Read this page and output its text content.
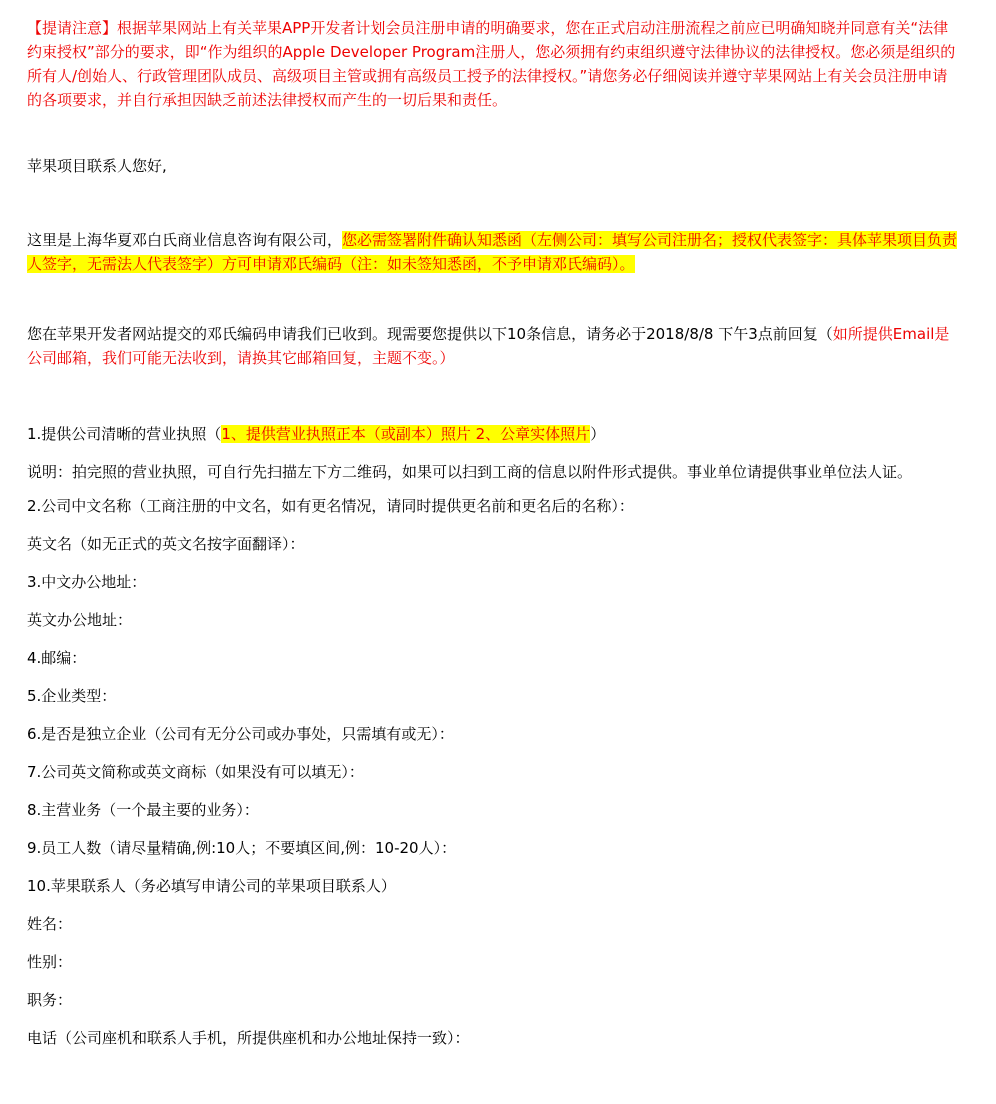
【提请注意】根据苹果网站上有关苹果APP开发者计划会员注册申请的明确要求，您在正式启动注册流程之前应已明确知晓并同意有关“法律约束授权”部分的要求，即“作为组织的Apple Developer Program注册人，您必须拥有约束组织遵守法律协议的法律授权。您必须是组织的所有人/创始人、行政管理团队成员、高级项目主管或拥有高级员工授予的法律授权。”请您务必仔细阅读并遵守苹果网站上有关会员注册申请的各项要求，并自行承担因缺乏前述法律授权而产生的一切后果和责任。

苹果项目联系人您好,

这里是上海华夏邓白氏商业信息咨询有限公司，您必需签署附件确认知悉函（左侧公司：填写公司注册名；授权代表签字：具体苹果项目负责人签字，无需法人代表签字）方可申请邓氏编码（注：如未签知悉函，不予申请邓氏编码）。

您在苹果开发者网站提交的邓氏编码申请我们已收到。现需要您提供以下10条信息，请务必于2018/8/8 下午3点前回复（如所提供Email是公司邮箱，我们可能无法收到，请换其它邮箱回复，主题不变。）

1.提供公司清晰的营业执照（1、提供营业执照正本（或副本）照片 2、公章实体照片）

说明：拍完照的营业执照，可自行先扫描左下方二维码，如果可以扫到工商的信息以附件形式提供。事业单位请提供事业单位法人证。

2.公司中文名称（工商注册的中文名，如有更名情况，请同时提供更名前和更名后的名称）：

英文名（如无正式的英文名按字面翻译）：

3.中文办公地址：

英文办公地址：

4.邮编：

5.企业类型：

6.是否是独立企业（公司有无分公司或办事处，只需填有或无）：

7.公司英文简称或英文商标（如果没有可以填无）：

8.主营业务（一个最主要的业务）：

9.员工人数（请尽量精确,例:10人；不要填区间,例：10-20人）：

10.苹果联系人（务必填写申请公司的苹果项目联系人）

姓名：

性别：

职务：

电话（公司座机和联系人手机，所提供座机和办公地址保持一致）：
